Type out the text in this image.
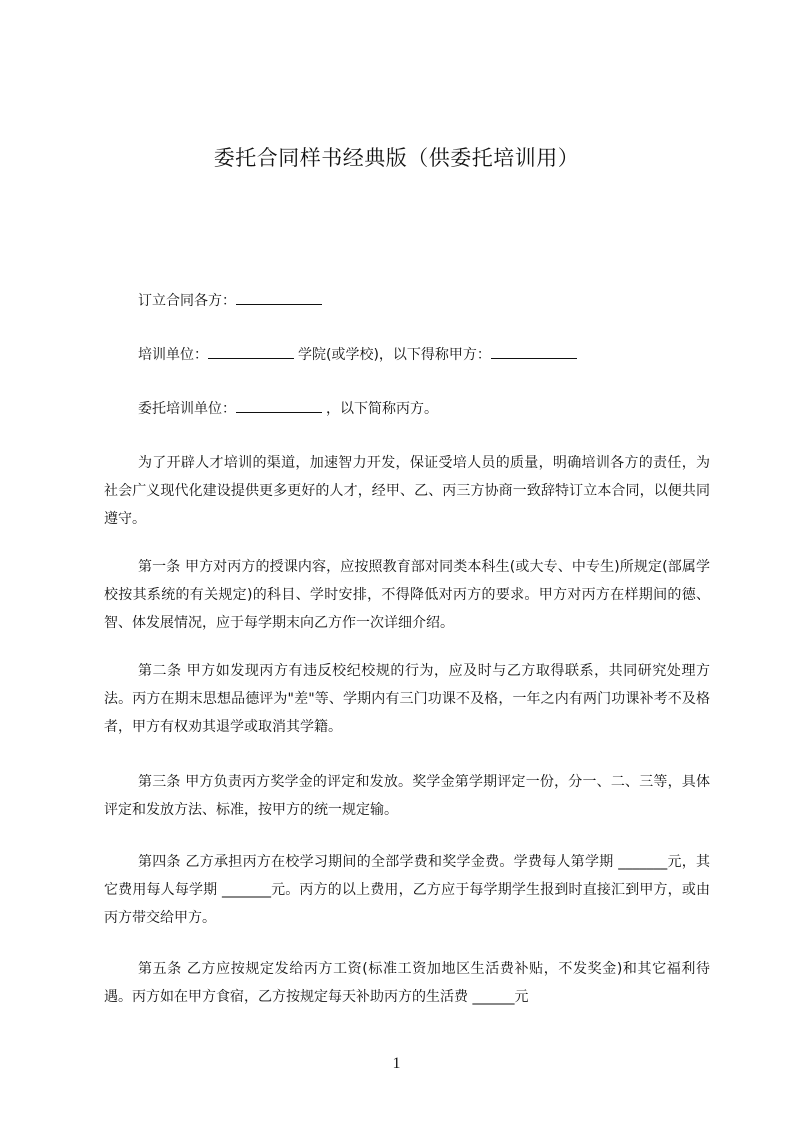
委托合同样书经典版（供委托培训用）
订立合同各方：
培训单位：	学院(或学校)，以下得称甲方：
委托培训单位：	，以下简称丙方。
为了开辟人才培训的渠道，加速智力开发，保证受培人员的质量，明确培训各方的责任，为社会广义现代化建设提供更多更好的人才，经甲、乙、丙三方协商一致辞特订立本合同，以便共同遵守。
第一条 甲方对丙方的授课内容，应按照教育部对同类本科生(或大专、中专生)所规定(部属学校按其系统的有关规定)的科目、学时安排，不得降低对丙方的要求。甲方对丙方在样期间的德、智、体发展情况，应于每学期末向乙方作一次详细介绍。
第二条 甲方如发现丙方有违反校纪校规的行为，应及时与乙方取得联系，共同研究处理方法。丙方在期末思想品德评为"差"等、学期内有三门功课不及格，一年之内有两门功课补考不及格者，甲方有权劝其退学或取消其学籍。
第三条 甲方负责丙方奖学金的评定和发放。奖学金第学期评定一份，分一、二、三等，具体评定和发放方法、标准，按甲方的统一规定输。
第四条 乙方承担丙方在校学习期间的全部学费和奖学金费。学费每人第学期 _______元，其它费用每人每学期 _______元。丙方的以上费用，乙方应于每学期学生报到时直接汇到甲方，或由丙方带交给甲方。
第五条 乙方应按规定发给丙方工资(标准工资加地区生活费补贴，不发奖金)和其它福利待遇。丙方如在甲方食宿，乙方按规定每天补助丙方的生活费 ______元
1
